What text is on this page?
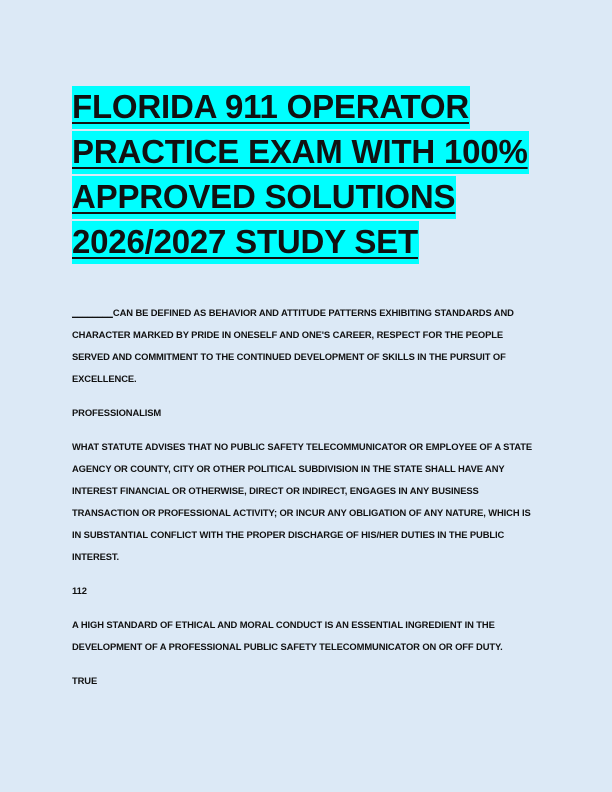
FLORIDA 911 OPERATOR
PRACTICE EXAM WITH 100%
APPROVED SOLUTIONS
2026/2027 STUDY SET

________CAN BE DEFINED AS BEHAVIOR AND ATTITUDE PATTERNS EXHIBITING STANDARDS AND CHARACTER MARKED BY PRIDE IN ONESELF AND ONE'S CAREER, RESPECT FOR THE PEOPLE SERVED AND COMMITMENT TO THE CONTINUED DEVELOPMENT OF SKILLS IN THE PURSUIT OF EXCELLENCE.

PROFESSIONALISM

WHAT STATUTE ADVISES THAT NO PUBLIC SAFETY TELECOMMUNICATOR OR EMPLOYEE OF A STATE AGENCY OR COUNTY, CITY OR OTHER POLITICAL SUBDIVISION IN THE STATE SHALL HAVE ANY INTEREST FINANCIAL OR OTHERWISE, DIRECT OR INDIRECT, ENGAGES IN ANY BUSINESS TRANSACTION OR PROFESSIONAL ACTIVITY; OR INCUR ANY OBLIGATION OF ANY NATURE, WHICH IS IN SUBSTANTIAL CONFLICT WITH THE PROPER DISCHARGE OF HIS/HER DUTIES IN THE PUBLIC INTEREST.

112

A HIGH STANDARD OF ETHICAL AND MORAL CONDUCT IS AN ESSENTIAL INGREDIENT IN THE DEVELOPMENT OF A PROFESSIONAL PUBLIC SAFETY TELECOMMUNICATOR ON OR OFF DUTY.

TRUE
